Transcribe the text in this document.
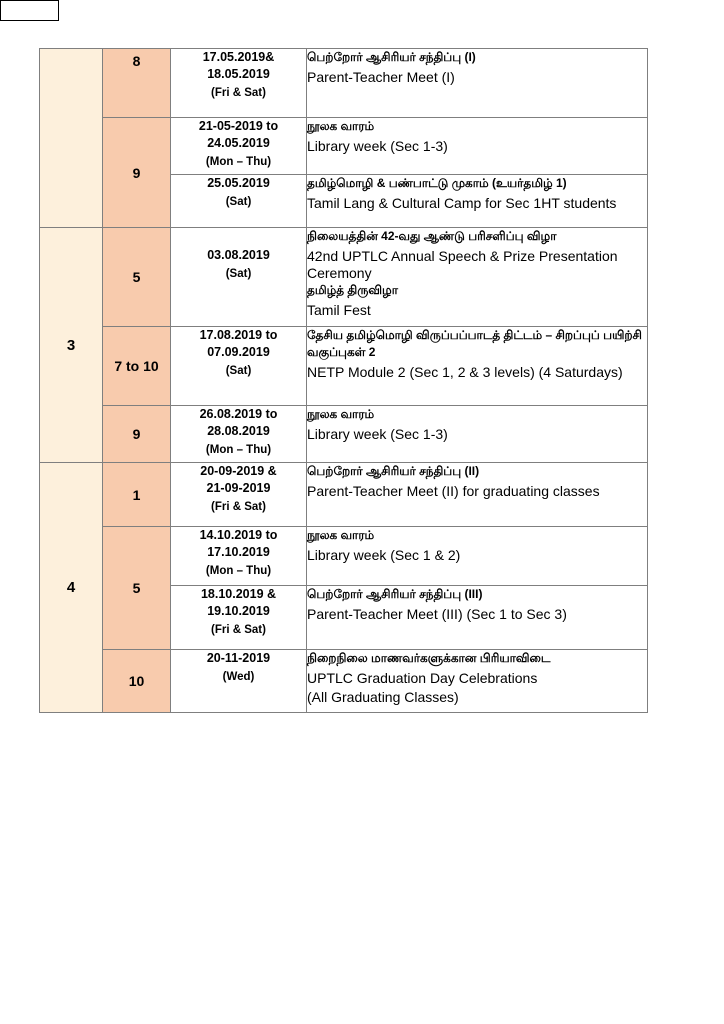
	8	17.05.2019&
18.05.2019
(Fri & Sat)	பெற்றோர் ஆசிரியர் சந்திப்பு (I)
Parent-Teacher Meet (I)

	9	21-05-2019 to
24.05.2019
(Mon – Thu)	நூலக வாரம்
Library week (Sec 1-3)

		25.05.2019
(Sat)	தமிழ்மொழி & பண்பாட்டு முகாம் (உயர்தமிழ் 1)
Tamil Lang & Cultural Camp for Sec 1HT students

3	5	03.08.2019
(Sat)	நிலையத்தின் 42-வது ஆண்டு பரிசளிப்பு விழா
42nd UPTLC Annual Speech & Prize Presentation Ceremony
தமிழ்த் திருவிழா
Tamil Fest

	7 to 10	17.08.2019 to
07.09.2019
(Sat)	தேசிய தமிழ்மொழி விருப்பப்பாடத் திட்டம் – சிறப்புப் பயிற்சி வகுப்புகள் 2
NETP Module 2 (Sec 1, 2 & 3 levels) (4 Saturdays)

	9	26.08.2019 to
28.08.2019
(Mon – Thu)	நூலக வாரம்
Library week (Sec 1-3)

4	1	20-09-2019 &
21-09-2019
(Fri & Sat)	பெற்றோர் ஆசிரியர் சந்திப்பு (II)
Parent-Teacher Meet (II) for graduating classes

	5	14.10.2019 to
17.10.2019
(Mon – Thu)	நூலக வாரம்
Library week (Sec 1 & 2)

		18.10.2019 &
19.10.2019
(Fri & Sat)	பெற்றோர் ஆசிரியர் சந்திப்பு (III)
Parent-Teacher Meet (III) (Sec 1 to Sec 3)

	10	20-11-2019
(Wed)	நிறைநிலை மாணவர்களுக்கான பிரியாவிடை
UPTLC Graduation Day Celebrations
(All Graduating Classes)
